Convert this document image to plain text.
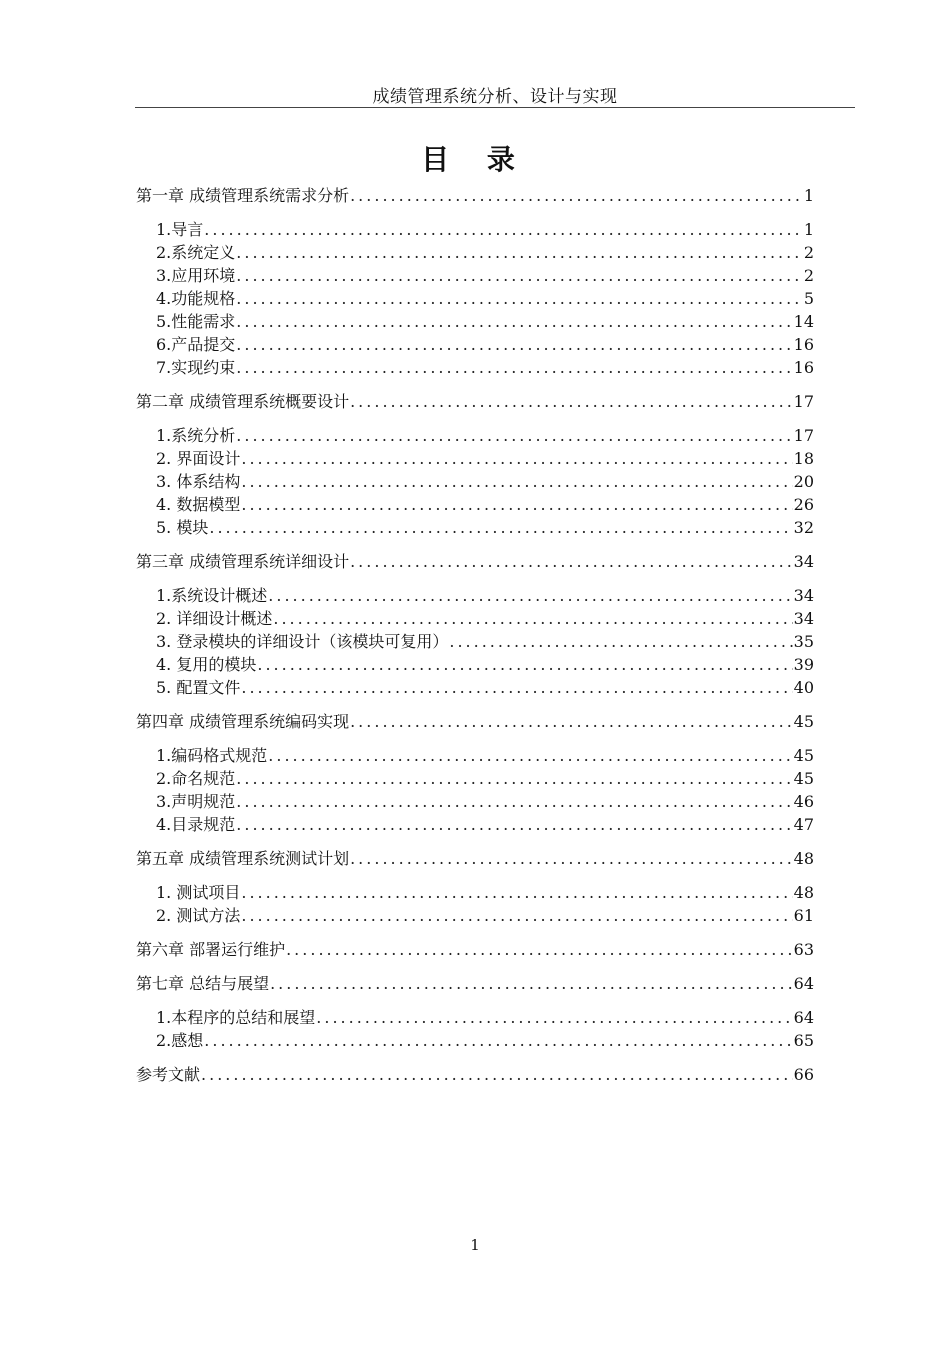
成绩管理系统分析、设计与实现
目 录
第一章 成绩管理系统需求分析 .....	1
1.导言 .....	1
2.系统定义 .....	2
3.应用环境 .....	2
4.功能规格 .....	5
5.性能需求 .....	14
6.产品提交 .....	16
7.实现约束 .....	16
第二章 成绩管理系统概要设计 .....	17
1.系统分析 .....	17
2. 界面设计 .....	18
3. 体系结构 .....	20
4. 数据模型 .....	26
5. 模块 .....	32
第三章 成绩管理系统详细设计 .....	34
1.系统设计概述 .....	34
2. 详细设计概述 .....	34
3. 登录模块的详细设计（该模块可复用） .....	35
4. 复用的模块 .....	39
5. 配置文件 .....	40
第四章 成绩管理系统编码实现 .....	45
1.编码格式规范 .....	45
2.命名规范 .....	45
3.声明规范 .....	46
4.目录规范 .....	47
第五章 成绩管理系统测试计划 .....	48
1. 测试项目 .....	48
2. 测试方法 .....	61
第六章 部署运行维护 .....	63
第七章 总结与展望 .....	64
1.本程序的总结和展望 .....	64
2.感想 .....	65
参考文献 .....	66
1
